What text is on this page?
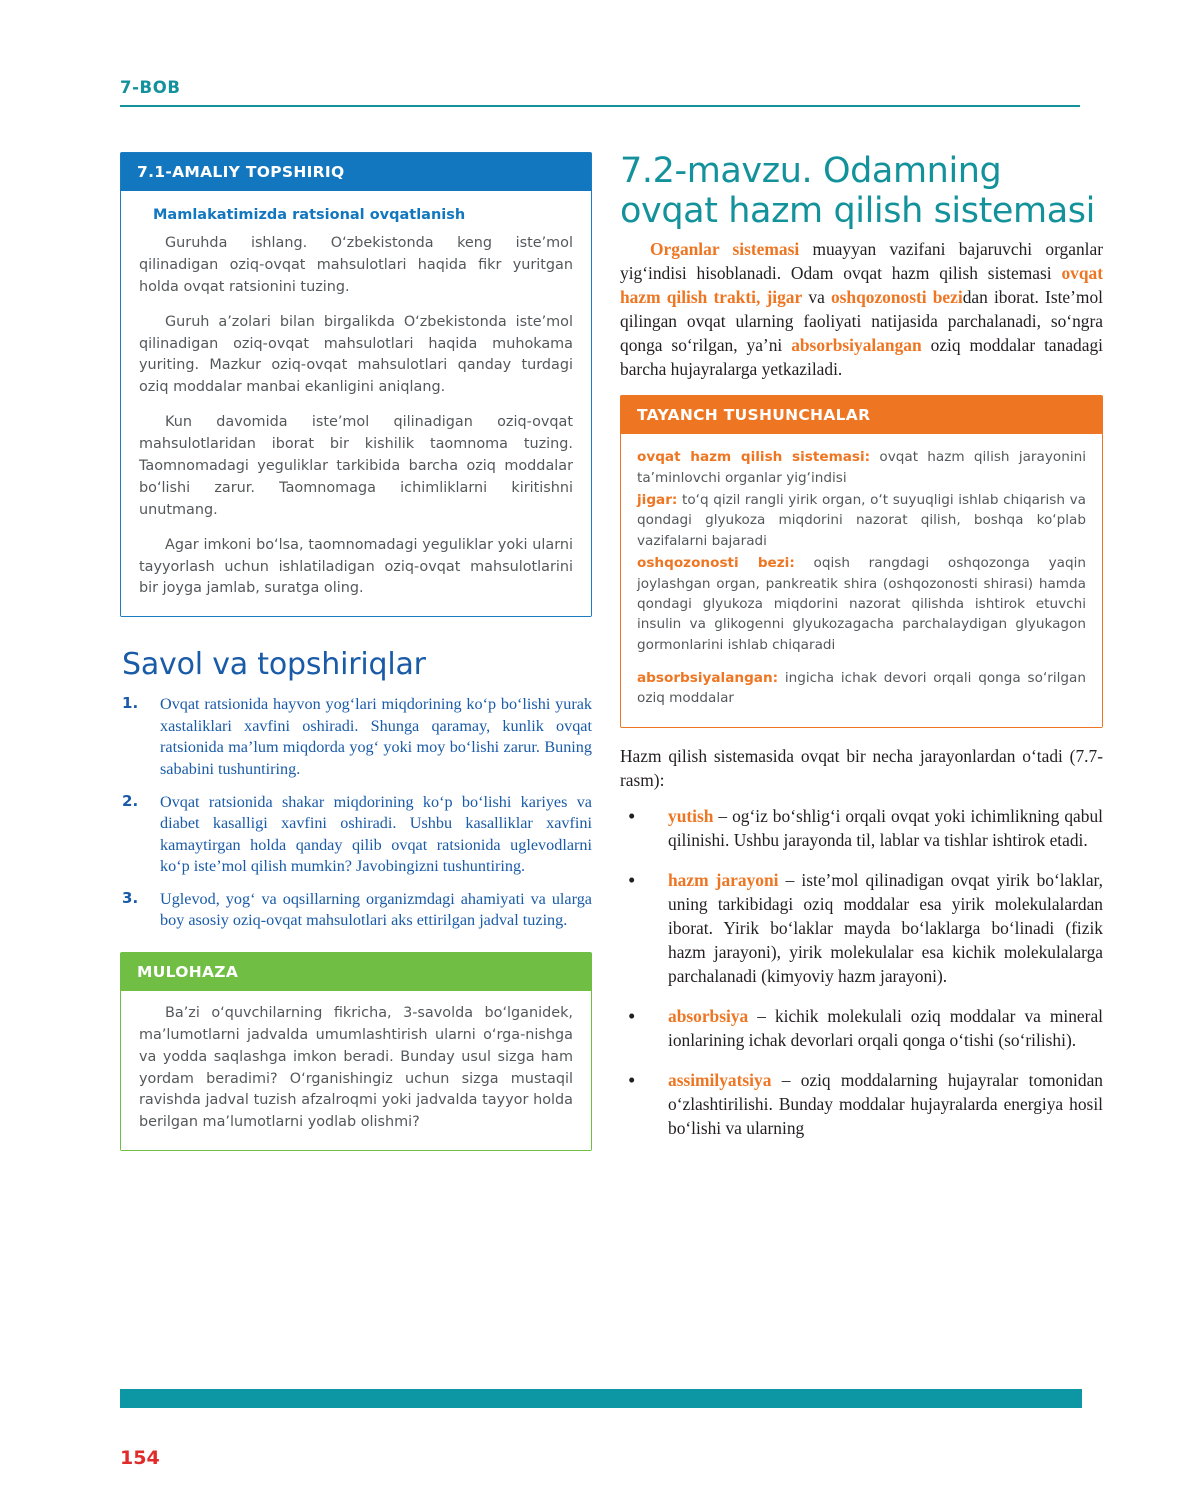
7-BOB
7.1-AMALIY TOPSHIRIQ
Mamlakatimizda ratsional ovqatlanish

Guruhda ishlang. O‘zbekistonda keng iste’mol qilinadigan oziq-ovqat mahsulotlari haqida fikr yuritgan holda ovqat ratsionini tuzing.

Guruh a’zolari bilan birgalikda O‘zbekistonda iste’mol qilinadigan oziq-ovqat mahsulotlari haqida muhokama yuriting. Mazkur oziq-ovqat mahsulotlari qanday turdagi oziq moddalar manbai ekanligini aniqlang.

Kun davomida iste’mol qilinadigan oziq-ovqat mahsulotlaridan iborat bir kishilik taomnoma tuzing. Taomnomadagi yeguliklar tarkibida barcha oziq moddalar bo‘lishi zarur. Taomnomaga ichimliklarni kiritishni unutmang.

Agar imkoni bo‘lsa, taomnomadagi yeguliklar yoki ularni tayyorlash uchun ishlatiladigan oziq-ovqat mahsulotlarini bir joyga jamlab, suratga oling.

Savol va topshiriqlar
Ovqat ratsionida hayvon yog‘lari miqdorining ko‘p bo‘lishi yurak xastaliklari xavfini oshiradi. Shunga qaramay, kunlik ovqat ratsionida ma’lum miqdorda yog‘ yoki moy bo‘lishi zarur. Buning sababini tushuntiring.
Ovqat ratsionida shakar miqdorining ko‘p bo‘lishi kariyes va diabet kasalligi xavfini oshiradi. Ushbu kasalliklar xavfini kamaytirgan holda qanday qilib ovqat ratsionida uglevodlarni ko‘p iste’mol qilish mumkin? Javobingizni tushuntiring.
Uglevod, yog‘ va oqsillarning organizmdagi ahamiyati va ularga boy asosiy oziq-ovqat mahsulotlari aks ettirilgan jadval tuzing.
MULOHAZA

Ba’zi o‘quvchilarning fikricha, 3-savolda bo‘lganidek, ma’lumotlarni jadvalda umumlashtirish ularni o‘rga-nishga va yodda saqlashga imkon beradi. Bunday usul sizga ham yordam beradimi? O‘rganishingiz uchun sizga mustaqil ravishda jadval tuzish afzalroqmi yoki jadvalda tayyor holda berilgan ma’lumotlarni yodlab olishmi?

7.2-mavzu. Odamning ovqat hazm qilish sistemasi

Organlar sistemasi muayyan vazifani bajaruvchi organlar yig‘indisi hisoblanadi. Odam ovqat hazm qilish sistemasi ovqat hazm qilish trakti, jigar va oshqozonosti bezidan iborat. Iste’mol qilingan ovqat ularning faoliyati natijasida parchalanadi, so‘ngra qonga so‘rilgan, ya’ni absorbsiyalangan oziq moddalar tanadagi barcha hujayralarga yetkaziladi.

TAYANCH TUSHUNCHALAR

ovqat hazm qilish sistemasi: ovqat hazm qilish jarayonini ta’minlovchi organlar yig‘indisi

jigar: to‘q qizil rangli yirik organ, o‘t suyuqligi ishlab chiqarish va qondagi glyukoza miqdorini nazorat qilish, boshqa ko‘plab vazifalarni bajaradi

oshqozonosti bezi: oqish rangdagi oshqozonga yaqin joylashgan organ, pankreatik shira (oshqozonosti shirasi) hamda qondagi glyukoza miqdorini nazorat qilishda ishtirok etuvchi insulin va glikogenni glyukozagacha parchalaydigan glyukagon gormonlarini ishlab chiqaradi

absorbsiyalangan: ingicha ichak devori orqali qonga so‘rilgan oziq moddalar

Hazm qilish sistemasida ovqat bir necha jarayonlardan o‘tadi (7.7-rasm):

• yutish – og‘iz bo‘shlig‘i orqali ovqat yoki ichimlikning qabul qilinishi. Ushbu jarayonda til, lablar va tishlar ishtirok etadi.
• hazm jarayoni – iste’mol qilinadigan ovqat yirik bo‘laklar, uning tarkibidagi oziq moddalar esa yirik molekulalardan iborat. Yirik bo‘laklar mayda bo‘laklarga bo‘linadi (fizik hazm jarayoni), yirik molekulalar esa kichik molekulalarga parchalanadi (kimyoviy hazm jarayoni).
• absorbsiya – kichik molekulali oziq moddalar va mineral ionlarining ichak devorlari orqali qonga o‘tishi (so‘rilishi).
• assimilyatsiya – oziq moddalarning hujayralar tomonidan o‘zlashtirilishi. Bunday moddalar hujayralarda energiya hosil bo‘lishi va ularning
154
